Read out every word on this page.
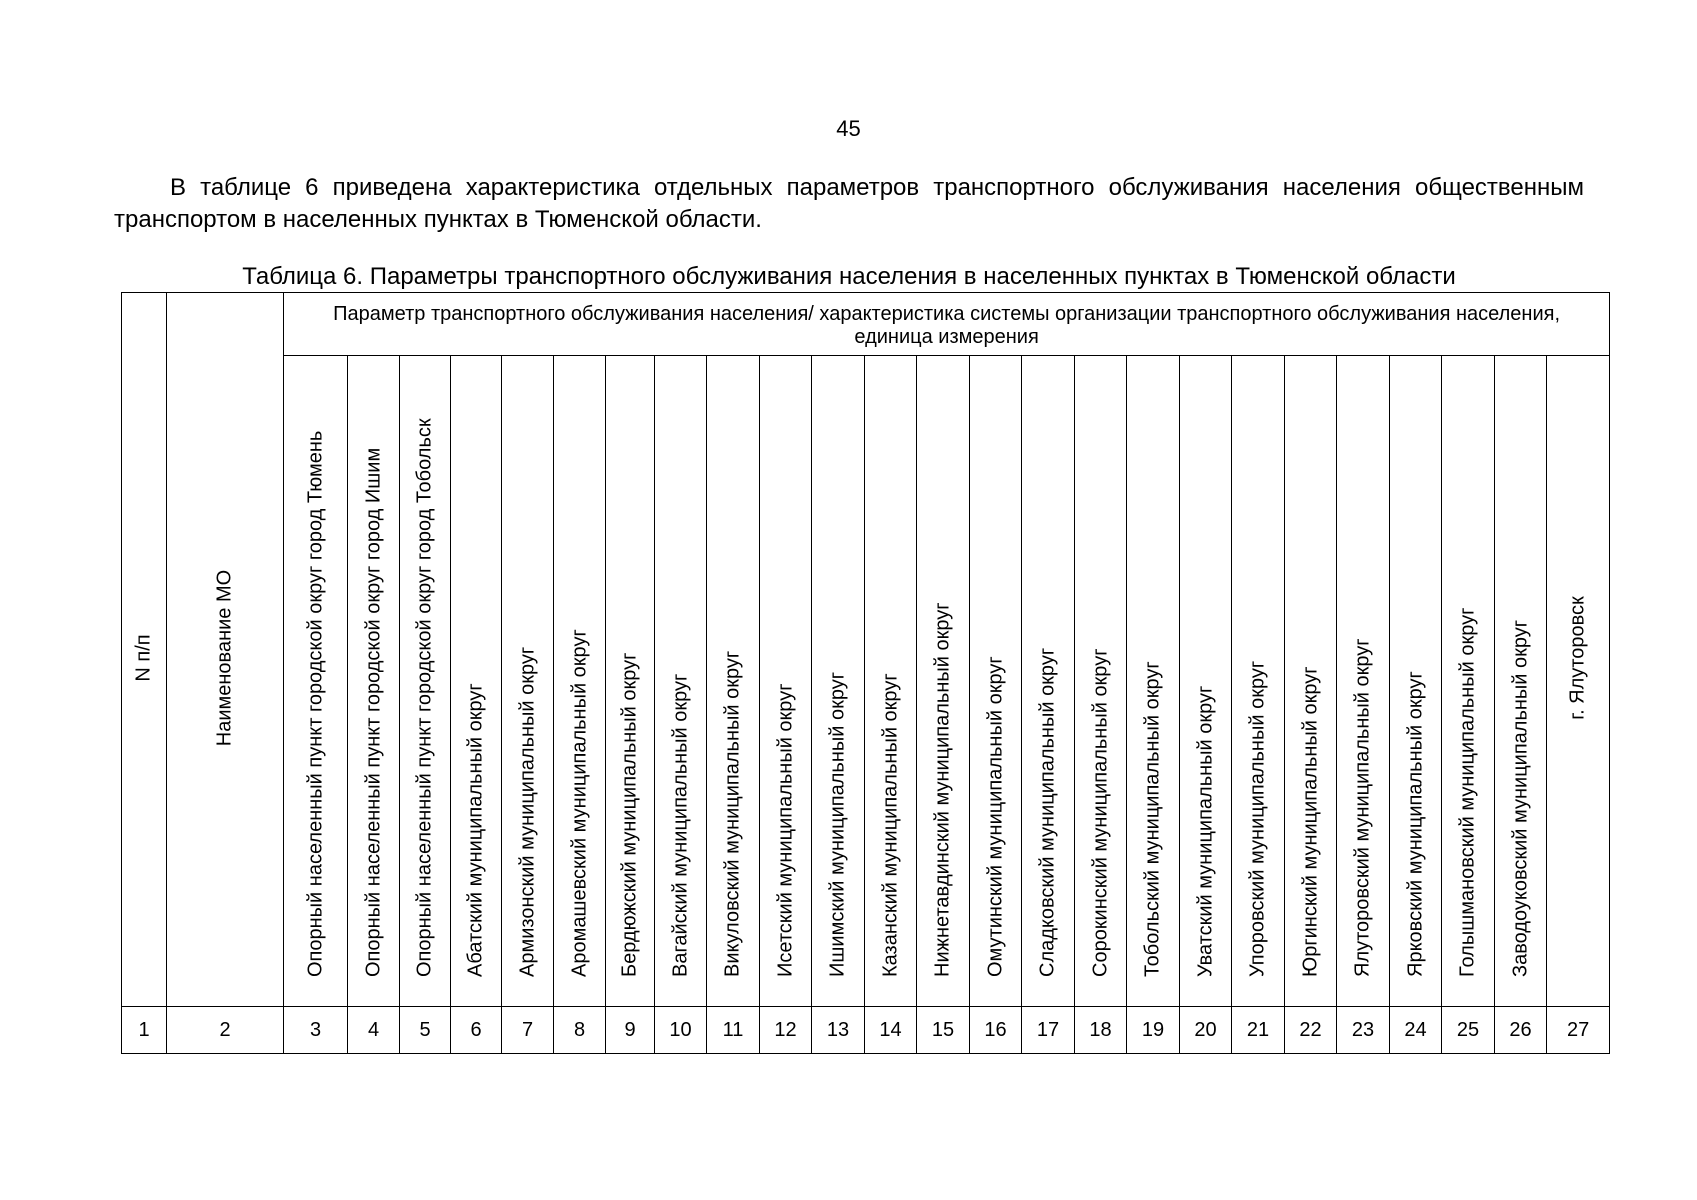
45

В таблице 6 приведена характеристика отдельных параметров транспортного обслуживания населения общественным транспортом в населенных пунктах в Тюменской области.

Таблица 6. Параметры транспортного обслуживания населения в населенных пунктах в Тюменской области
N п/п	Наименование МО	Параметр транспортного обслуживания населения/ характеристика системы организации транспортного обслуживания населения, единица измерения																								

		Опорный населенный пункт городской округ город Тюмень	Опорный населенный пункт городской округ город Ишим	Опорный населенный пункт городской округ город Тобольск	Абатский муниципальный округ	Армизонский муниципальный округ	Аромашевский муниципальный округ	Бердюжский муниципальный округ	Вагайский муниципальный округ	Викуловский муниципальный округ	Исетский муниципальный округ	Ишимский муниципальный округ	Казанский муниципальный округ	Нижнетавдинский муниципальный округ	Омутинский муниципальный округ	Сладковский муниципальный округ	Сорокинский муниципальный округ	Тобольский муниципальный округ	Уватский муниципальный округ	Упоровский муниципальный округ	Юргинский муниципальный округ	Ялуторовский муниципальный округ	Ярковский муниципальный округ	Голышмановский муниципальный округ	Заводоуковский муниципальный округ	г. Ялуторовск

1	2	3	4	5	6	7	8	9	10	11	12	13	14	15	16	17	18	19	20	21	22	23	24	25	26	27
